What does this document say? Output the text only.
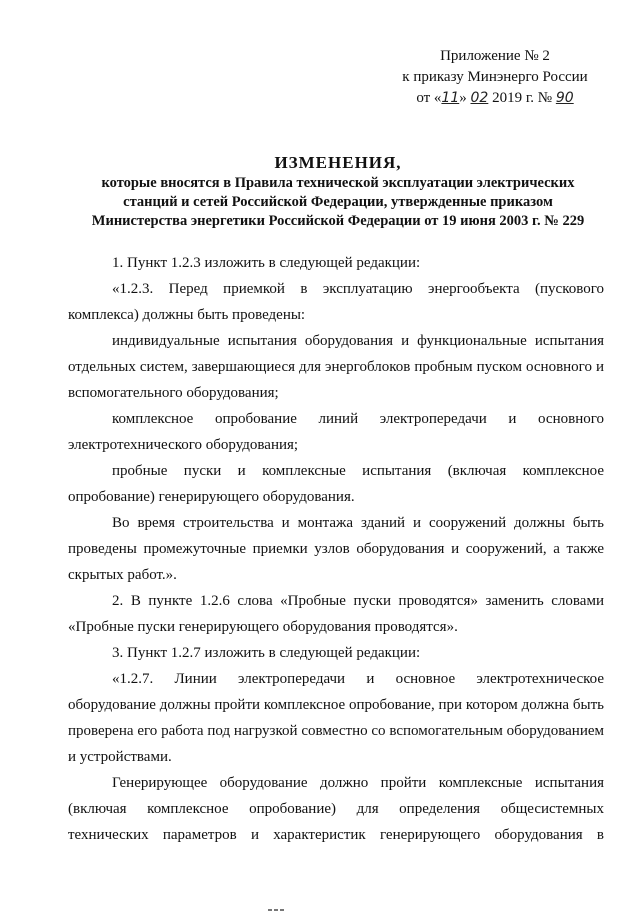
Приложение № 2
к приказу Минэнерго России
от «11» 02 2019 г. № 90
ИЗМЕНЕНИЯ,
которые вносятся в Правила технической эксплуатации электрических
станций и сетей Российской Федерации, утвержденные приказом
Министерства энергетики Российской Федерации от 19 июня 2003 г. № 229

1. Пункт 1.2.3 изложить в следующей редакции:

«1.2.3. Перед приемкой в эксплуатацию энергообъекта (пускового комплекса) должны быть проведены:

индивидуальные испытания оборудования и функциональные испытания отдельных систем, завершающиеся для энергоблоков пробным пуском основного и вспомогательного оборудования;

комплексное опробование линий электропередачи и основного электротехнического оборудования;

пробные пуски и комплексные испытания (включая комплексное опробование) генерирующего оборудования.

Во время строительства и монтажа зданий и сооружений должны быть проведены промежуточные приемки узлов оборудования и сооружений, а также скрытых работ.».

2. В пункте 1.2.6 слова «Пробные пуски проводятся» заменить словами «Пробные пуски генерирующего оборудования проводятся».

3. Пункт 1.2.7 изложить в следующей редакции:

«1.2.7. Линии электропередачи и основное электротехническое оборудование должны пройти комплексное опробование, при котором должна быть проверена его работа под нагрузкой совместно со вспомогательным оборудованием и устройствами.

Генерирующее оборудование должно пройти комплексные испытания (включая комплексное опробование) для определения общесистемных технических параметров и характеристик генерирующего оборудования в
